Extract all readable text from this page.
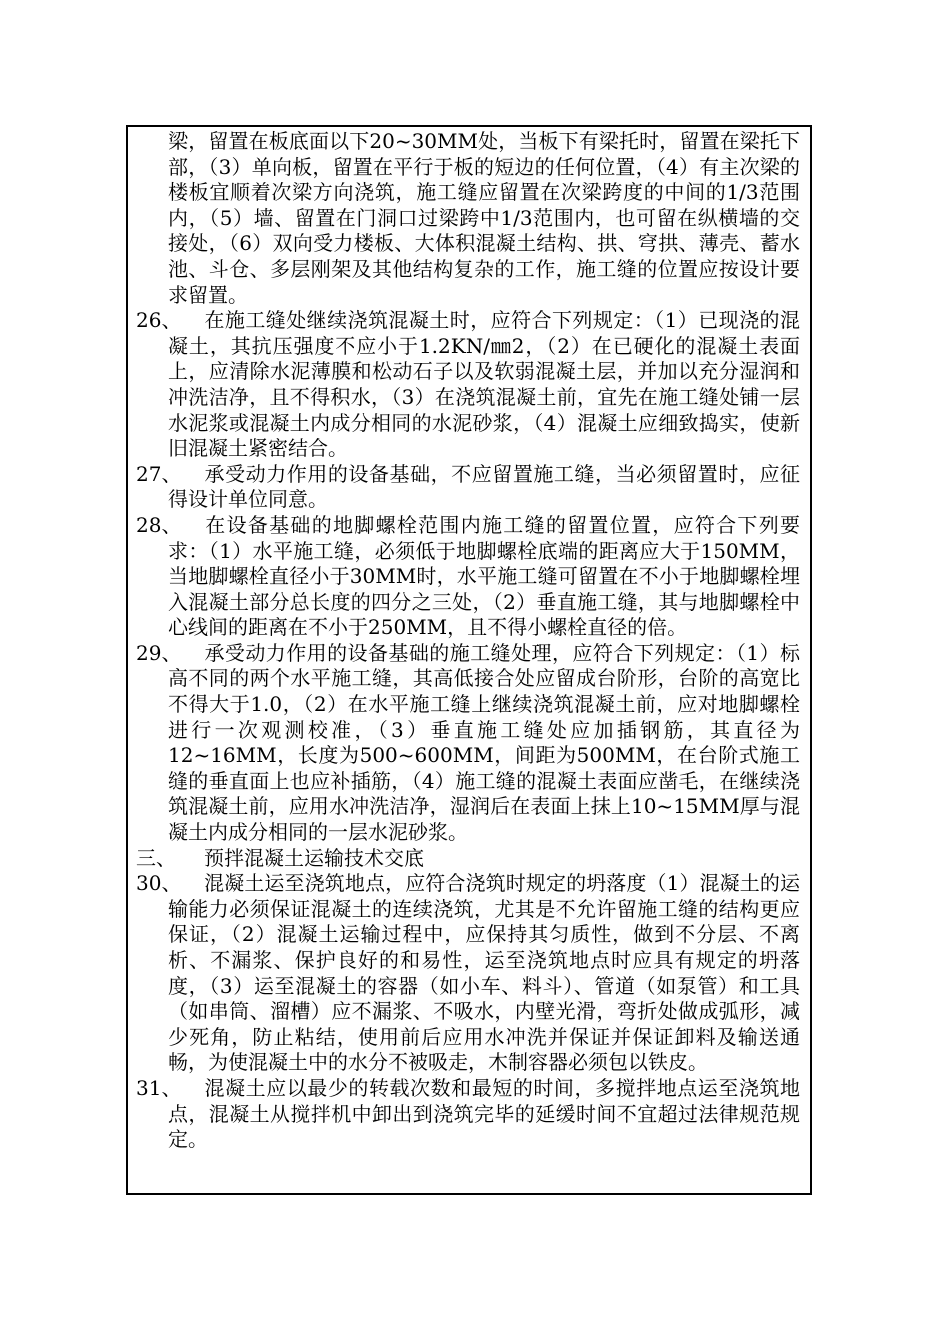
梁，留置在板底面以下20~30MM处，当板下有梁托时，留置在梁托下部，（3）单向板，留置在平行于板的短边的任何位置，（4）有主次梁的楼板宜顺着次梁方向浇筑，施工缝应留置在次梁跨度的中间的1/3范围内，（5）墙、留置在门洞口过梁跨中1/3范围内，也可留在纵横墙的交接处，（6）双向受力楼板、大体积混凝土结构、拱、穹拱、薄壳、蓄水池、斗仓、多层刚架及其他结构复杂的工作，施工缝的位置应按设计要求留置。
26、	在施工缝处继续浇筑混凝土时，应符合下列规定：（1）已现浇的混凝土，其抗压强度不应小于1.2KN/㎜2，（2）在已硬化的混凝土表面上，应清除水泥薄膜和松动石子以及软弱混凝土层，并加以充分湿润和冲洗洁净，且不得积水，（3）在浇筑混凝土前，宜先在施工缝处铺一层水泥浆或混凝土内成分相同的水泥砂浆，（4）混凝土应细致捣实，使新旧混凝土紧密结合。
27、	承受动力作用的设备基础，不应留置施工缝，当必须留置时，应征得设计单位同意。
28、	在设备基础的地脚螺栓范围内施工缝的留置位置，应符合下列要求：（1）水平施工缝，必须低于地脚螺栓底端的距离应大于150MM，当地脚螺栓直径小于30MM时，水平施工缝可留置在不小于地脚螺栓埋入混凝土部分总长度的四分之三处，（2）垂直施工缝，其与地脚螺栓中心线间的距离在不小于250MM，且不得小螺栓直径的倍。
29、	承受动力作用的设备基础的施工缝处理，应符合下列规定：（1）标高不同的两个水平施工缝，其高低接合处应留成台阶形，台阶的高宽比不得大于1.0，（2）在水平施工缝上继续浇筑混凝土前，应对地脚螺栓进行一次观测校准，（3）垂直施工缝处应加插钢筋，其直径为12~16MM，长度为500~600MM，间距为500MM，在台阶式施工缝的垂直面上也应补插筋，（4）施工缝的混凝土表面应凿毛，在继续浇筑混凝土前，应用水冲洗洁净，湿润后在表面上抹上10~15MM厚与混凝土内成分相同的一层水泥砂浆。
三、	预拌混凝土运输技术交底
30、	混凝土运至浇筑地点，应符合浇筑时规定的坍落度（1）混凝土的运输能力必须保证混凝土的连续浇筑，尤其是不允许留施工缝的结构更应保证，（2）混凝土运输过程中，应保持其匀质性，做到不分层、不离析、不漏浆、保护良好的和易性，运至浇筑地点时应具有规定的坍落度，（3）运至混凝土的容器（如小车、料斗）、管道（如泵管）和工具（如串筒、溜槽）应不漏浆、不吸水，内壁光滑，弯折处做成弧形，减少死角，防止粘结，使用前后应用水冲洗并保证并保证卸料及输送通畅，为使混凝土中的水分不被吸走，木制容器必须包以铁皮。
31、	混凝土应以最少的转载次数和最短的时间，多搅拌地点运至浇筑地点，混凝土从搅拌机中卸出到浇筑完毕的延缓时间不宜超过法律规范规定。
